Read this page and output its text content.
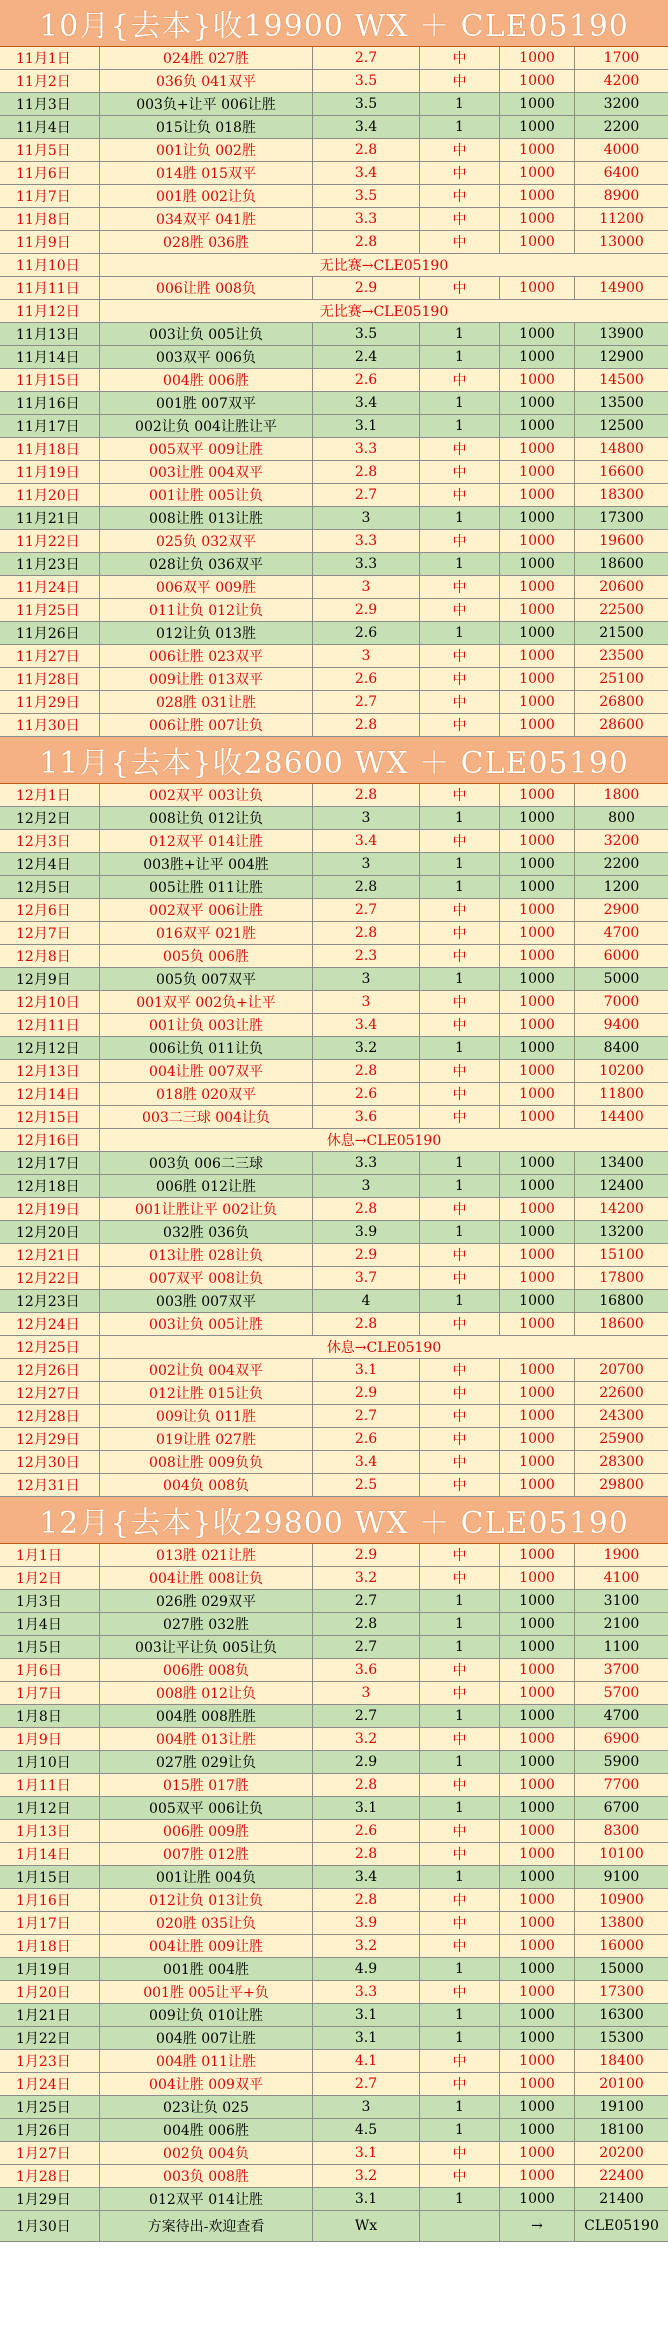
10月{去本}收19900 WX ＋ CLE05190
11月1日	024胜 027胜	2.7	中	1000	1700
11月2日	036负 041双平	3.5	中	1000	4200
11月3日	003负+让平 006让胜	3.5	1	1000	3200
11月4日	015让负 018胜	3.4	1	1000	2200
11月5日	001让负 002胜	2.8	中	1000	4000
11月6日	014胜 015双平	3.4	中	1000	6400
11月7日	001胜 002让负	3.5	中	1000	8900
11月8日	034双平 041胜	3.3	中	1000	11200
11月9日	028胜 036胜	2.8	中	1000	13000
11月10日	无比赛→CLE05190
11月11日	006让胜 008负	2.9	中	1000	14900
11月12日	无比赛→CLE05190
11月13日	003让负 005让负	3.5	1	1000	13900
11月14日	003双平 006负	2.4	1	1000	12900
11月15日	004胜 006胜	2.6	中	1000	14500
11月16日	001胜 007双平	3.4	1	1000	13500
11月17日	002让负 004让胜让平	3.1	1	1000	12500
11月18日	005双平 009让胜	3.3	中	1000	14800
11月19日	003让胜 004双平	2.8	中	1000	16600
11月20日	001让胜 005让负	2.7	中	1000	18300
11月21日	008让胜 013让胜	3	1	1000	17300
11月22日	025负 032双平	3.3	中	1000	19600
11月23日	028让负 036双平	3.3	1	1000	18600
11月24日	006双平 009胜	3	中	1000	20600
11月25日	011让负 012让负	2.9	中	1000	22500
11月26日	012让负 013胜	2.6	1	1000	21500
11月27日	006让胜 023双平	3	中	1000	23500
11月28日	009让胜 013双平	2.6	中	1000	25100
11月29日	028胜 031让胜	2.7	中	1000	26800
11月30日	006让胜 007让负	2.8	中	1000	28600
11月{去本}收28600 WX ＋ CLE05190
12月1日	002双平 003让负	2.8	中	1000	1800
12月2日	008让负 012让负	3	1	1000	800
12月3日	012双平 014让胜	3.4	中	1000	3200
12月4日	003胜+让平 004胜	3	1	1000	2200
12月5日	005让胜 011让胜	2.8	1	1000	1200
12月6日	002双平 006让胜	2.7	中	1000	2900
12月7日	016双平 021胜	2.8	中	1000	4700
12月8日	005负 006胜	2.3	中	1000	6000
12月9日	005负 007双平	3	1	1000	5000
12月10日	001双平 002负+让平	3	中	1000	7000
12月11日	001让负 003让胜	3.4	中	1000	9400
12月12日	006让负 011让负	3.2	1	1000	8400
12月13日	004让胜 007双平	2.8	中	1000	10200
12月14日	018胜 020双平	2.6	中	1000	11800
12月15日	003二三球 004让负	3.6	中	1000	14400
12月16日	休息→CLE05190
12月17日	003负 006二三球	3.3	1	1000	13400
12月18日	006胜 012让胜	3	1	1000	12400
12月19日	001让胜让平 002让负	2.8	中	1000	14200
12月20日	032胜 036负	3.9	1	1000	13200
12月21日	013让胜 028让负	2.9	中	1000	15100
12月22日	007双平 008让负	3.7	中	1000	17800
12月23日	003胜 007双平	4	1	1000	16800
12月24日	003让负 005让胜	2.8	中	1000	18600
12月25日	休息→CLE05190
12月26日	002让负 004双平	3.1	中	1000	20700
12月27日	012让胜 015让负	2.9	中	1000	22600
12月28日	009让负 011胜	2.7	中	1000	24300
12月29日	019让胜 027胜	2.6	中	1000	25900
12月30日	008让胜 009负负	3.4	中	1000	28300
12月31日	004负 008负	2.5	中	1000	29800
12月{去本}收29800 WX ＋ CLE05190
1月1日	013胜 021让胜	2.9	中	1000	1900
1月2日	004让胜 008让负	3.2	中	1000	4100
1月3日	026胜 029双平	2.7	1	1000	3100
1月4日	027胜 032胜	2.8	1	1000	2100
1月5日	003让平让负 005让负	2.7	1	1000	1100
1月6日	006胜 008负	3.6	中	1000	3700
1月7日	008胜 012让负	3	中	1000	5700
1月8日	004胜 008胜胜	2.7	1	1000	4700
1月9日	004胜 013让胜	3.2	中	1000	6900
1月10日	027胜 029让负	2.9	1	1000	5900
1月11日	015胜 017胜	2.8	中	1000	7700
1月12日	005双平 006让负	3.1	1	1000	6700
1月13日	006胜 009胜	2.6	中	1000	8300
1月14日	007胜 012胜	2.8	中	1000	10100
1月15日	001让胜 004负	3.4	1	1000	9100
1月16日	012让负 013让负	2.8	中	1000	10900
1月17日	020胜 035让负	3.9	中	1000	13800
1月18日	004让胜 009让胜	3.2	中	1000	16000
1月19日	001胜 004胜	4.9	1	1000	15000
1月20日	001胜 005让平+负	3.3	中	1000	17300
1月21日	009让负 010让胜	3.1	1	1000	16300
1月22日	004胜 007让胜	3.1	1	1000	15300
1月23日	004胜 011让胜	4.1	中	1000	18400
1月24日	004让胜 009双平	2.7	中	1000	20100
1月25日	023让负 025	3	1	1000	19100
1月26日	004胜 006胜	4.5	1	1000	18100
1月27日	002负 004负	3.1	中	1000	20200
1月28日	003负 008胜	3.2	中	1000	22400
1月29日	012双平 014让胜	3.1	1	1000	21400
1月30日	方案待出-欢迎查看	Wx	→	CLE05190
